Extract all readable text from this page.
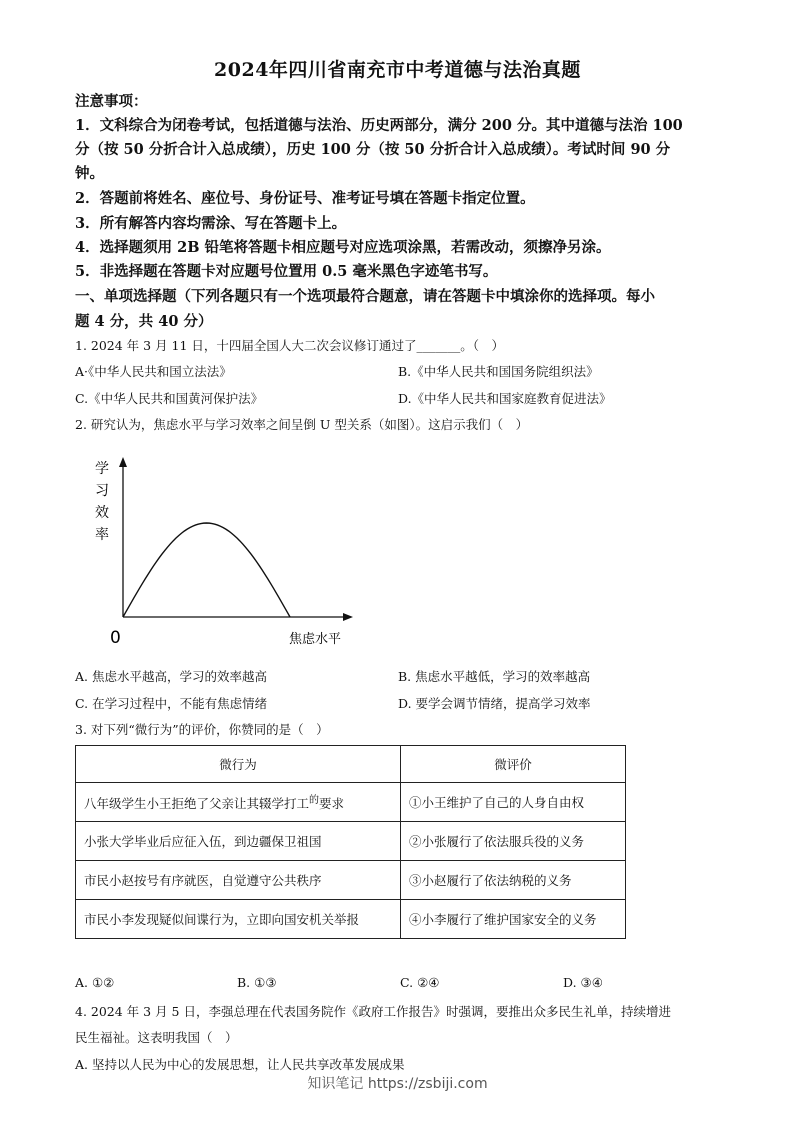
2024年四川省南充市中考道德与法治真题
注意事项：
1．文科综合为闭卷考试，包括道德与法治、历史两部分，满分 200 分。其中道德与法治 100
分（按 50 分折合计入总成绩），历史 100 分（按 50 分折合计入总成绩）。考试时间 90 分
钟。
2．答题前将姓名、座位号、身份证号、准考证号填在答题卡指定位置。
3．所有解答内容均需涂、写在答题卡上。
4．选择题须用 2B 铅笔将答题卡相应题号对应选项涂黑，若需改动，须擦净另涂。
5．非选择题在答题卡对应题号位置用 0.5 毫米黑色字迹笔书写。
一、单项选择题（下列各题只有一个选项最符合题意，请在答题卡中填涂你的选择项。每小
题 4 分，共 40 分）
1. 2024 年 3 月 11 日，十四届全国人大二次会议修订通过了_______。（　）
A·《中华人民共和国立法法》	B.《中华人民共和国国务院组织法》
C.《中华人民共和国黄河保护法》	D.《中华人民共和国家庭教育促进法》
2. 研究认为，焦虑水平与学习效率之间呈倒 U 型关系（如图）。这启示我们（　）
学
习
效
率
0	焦虑水平
A. 焦虑水平越高，学习的效率越高	B. 焦虑水平越低，学习的效率越高
C. 在学习过程中，不能有焦虑情绪	D. 要学会调节情绪，提高学习效率
3. 对下列“微行为”的评价，你赞同的是（　）
微行为	微评价
八年级学生小王拒绝了父亲让其辍学打工$^的$要求	①小王维护了自己的人身自由权
小张大学毕业后应征入伍，到边疆保卫祖国	②小张履行了依法服兵役的义务
市民小赵按号有序就医，自觉遵守公共秩序	③小赵履行了依法纳税的义务
市民小李发现疑似间谍行为，立即向国安机关举报	④小李履行了维护国家安全的义务
A. ①②	B. ①③	C. ②④	D. ③④
4. 2024 年 3 月 5 日，李强总理在代表国务院作《政府工作报告》时强调，要推出众多民生礼单，持续增进
民生福祉。这表明我国（　）
A. 坚持以人民为中心的发展思想，让人民共享改革发展成果
知识笔记 https://zsbiji.com
